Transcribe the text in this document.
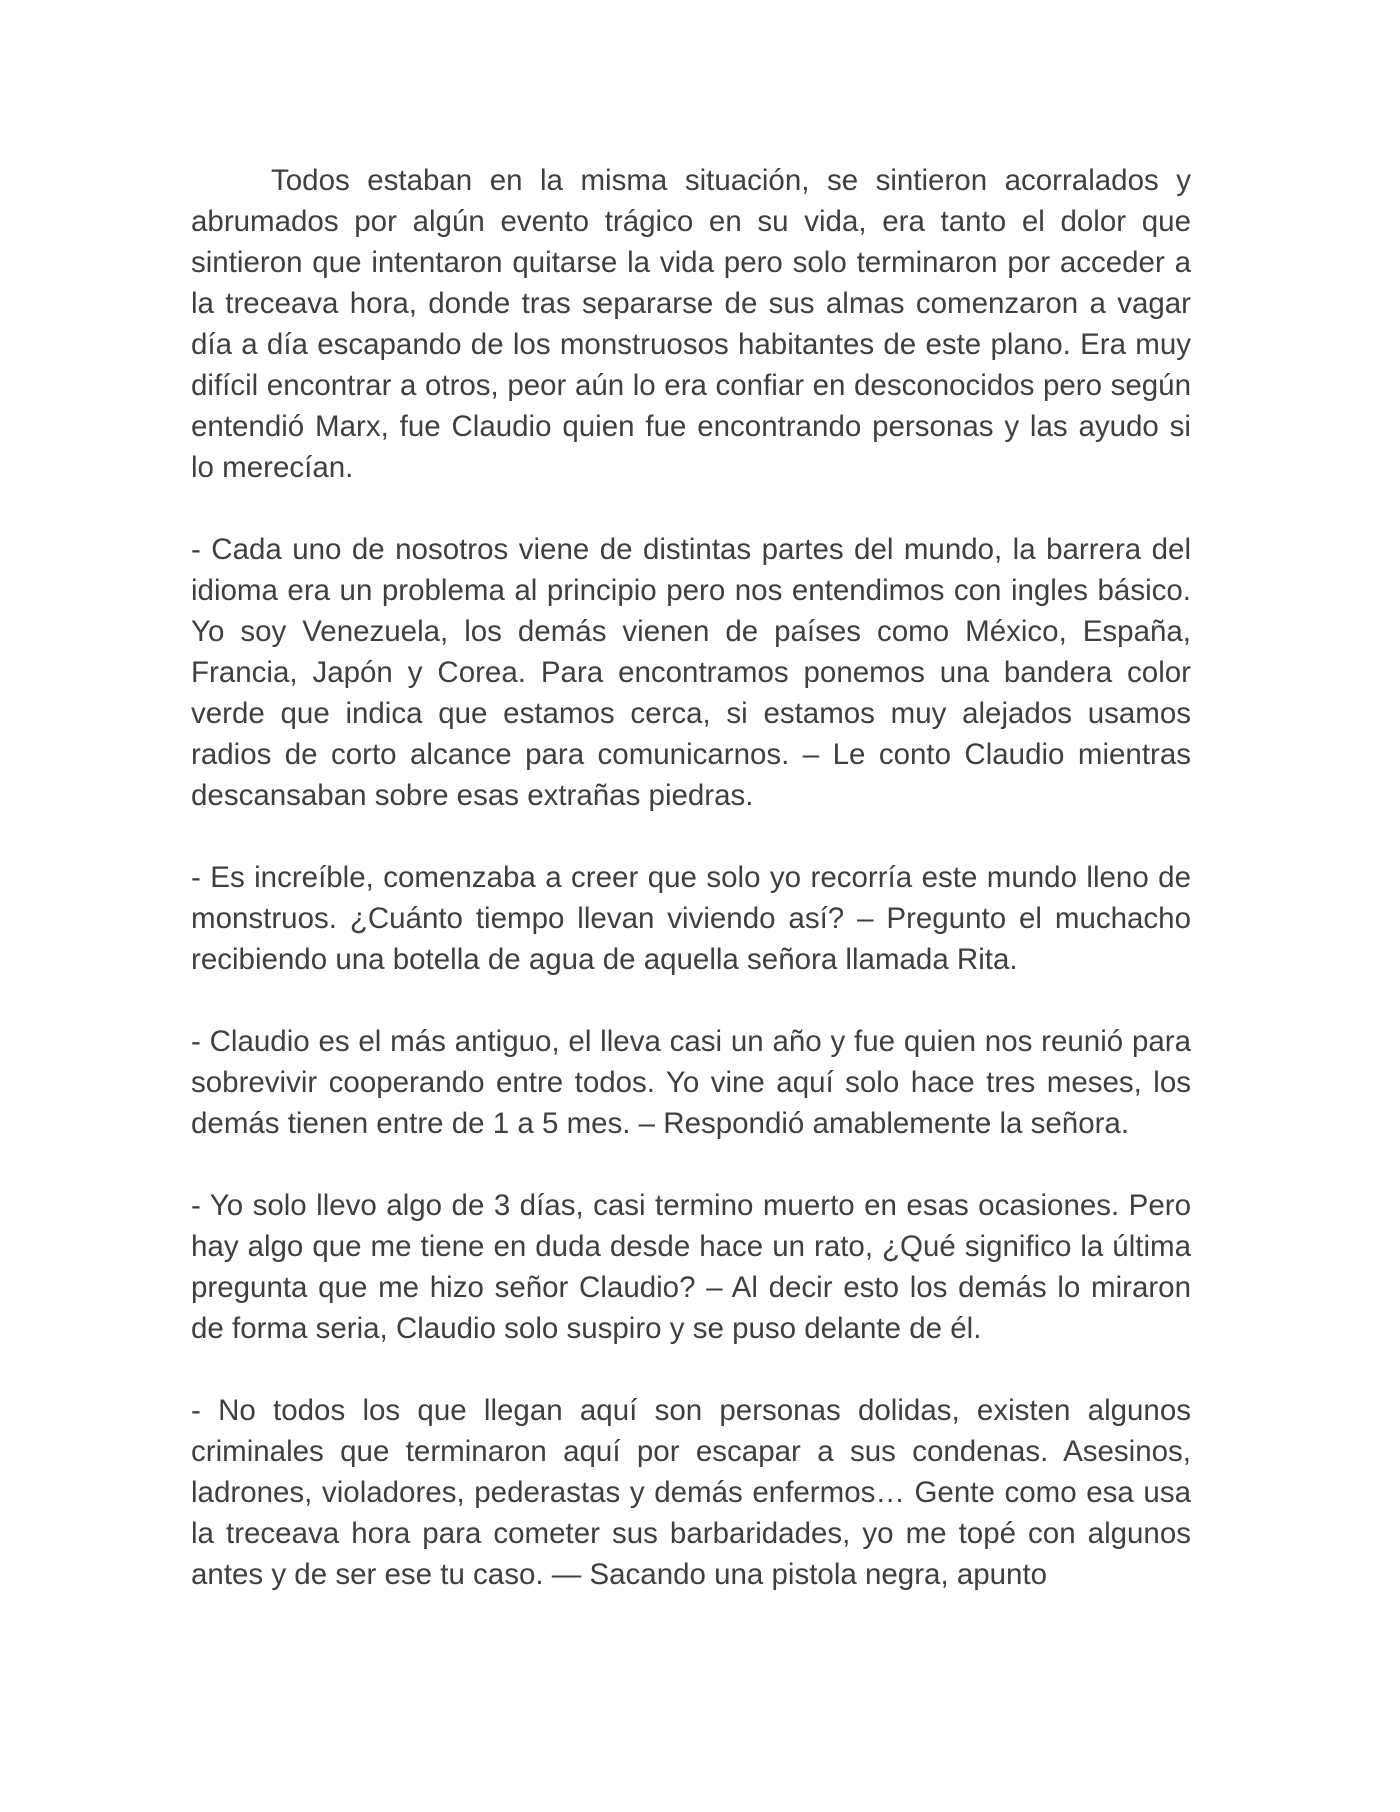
Todos estaban en la misma situación, se sintieron acorralados y abrumados por algún evento trágico en su vida, era tanto el dolor que sintieron que intentaron quitarse la vida pero solo terminaron por acceder a la treceava hora, donde tras separarse de sus almas comenzaron a vagar día a día escapando de los monstruosos habitantes de este plano. Era muy difícil encontrar a otros, peor aún lo era confiar en desconocidos pero según entendió Marx, fue Claudio quien fue encontrando personas y las ayudo si lo merecían.

- Cada uno de nosotros viene de distintas partes del mundo, la barrera del idioma era un problema al principio pero nos entendimos con ingles básico. Yo soy Venezuela, los demás vienen de países como México, España, Francia, Japón y Corea. Para encontramos ponemos una bandera color verde que indica que estamos cerca, si estamos muy alejados usamos radios de corto alcance para comunicarnos. – Le conto Claudio mientras descansaban sobre esas extrañas piedras.

- Es increíble, comenzaba a creer que solo yo recorría este mundo lleno de monstruos. ¿Cuánto tiempo llevan viviendo así? – Pregunto el muchacho recibiendo una botella de agua de aquella señora llamada Rita.

- Claudio es el más antiguo, el lleva casi un año y fue quien nos reunió para sobrevivir cooperando entre todos. Yo vine aquí solo hace tres meses, los demás tienen entre de 1 a 5 mes. – Respondió amablemente la señora.

- Yo solo llevo algo de 3 días, casi termino muerto en esas ocasiones. Pero hay algo que me tiene en duda desde hace un rato, ¿Qué significo la última pregunta que me hizo señor Claudio? – Al decir esto los demás lo miraron de forma seria, Claudio solo suspiro y se puso delante de él.

- No todos los que llegan aquí son personas dolidas, existen algunos criminales que terminaron aquí por escapar a sus condenas. Asesinos, ladrones, violadores, pederastas y demás enfermos… Gente como esa usa la treceava hora para cometer sus barbaridades, yo me topé con algunos antes y de ser ese tu caso. — Sacando una pistola negra, apunto
